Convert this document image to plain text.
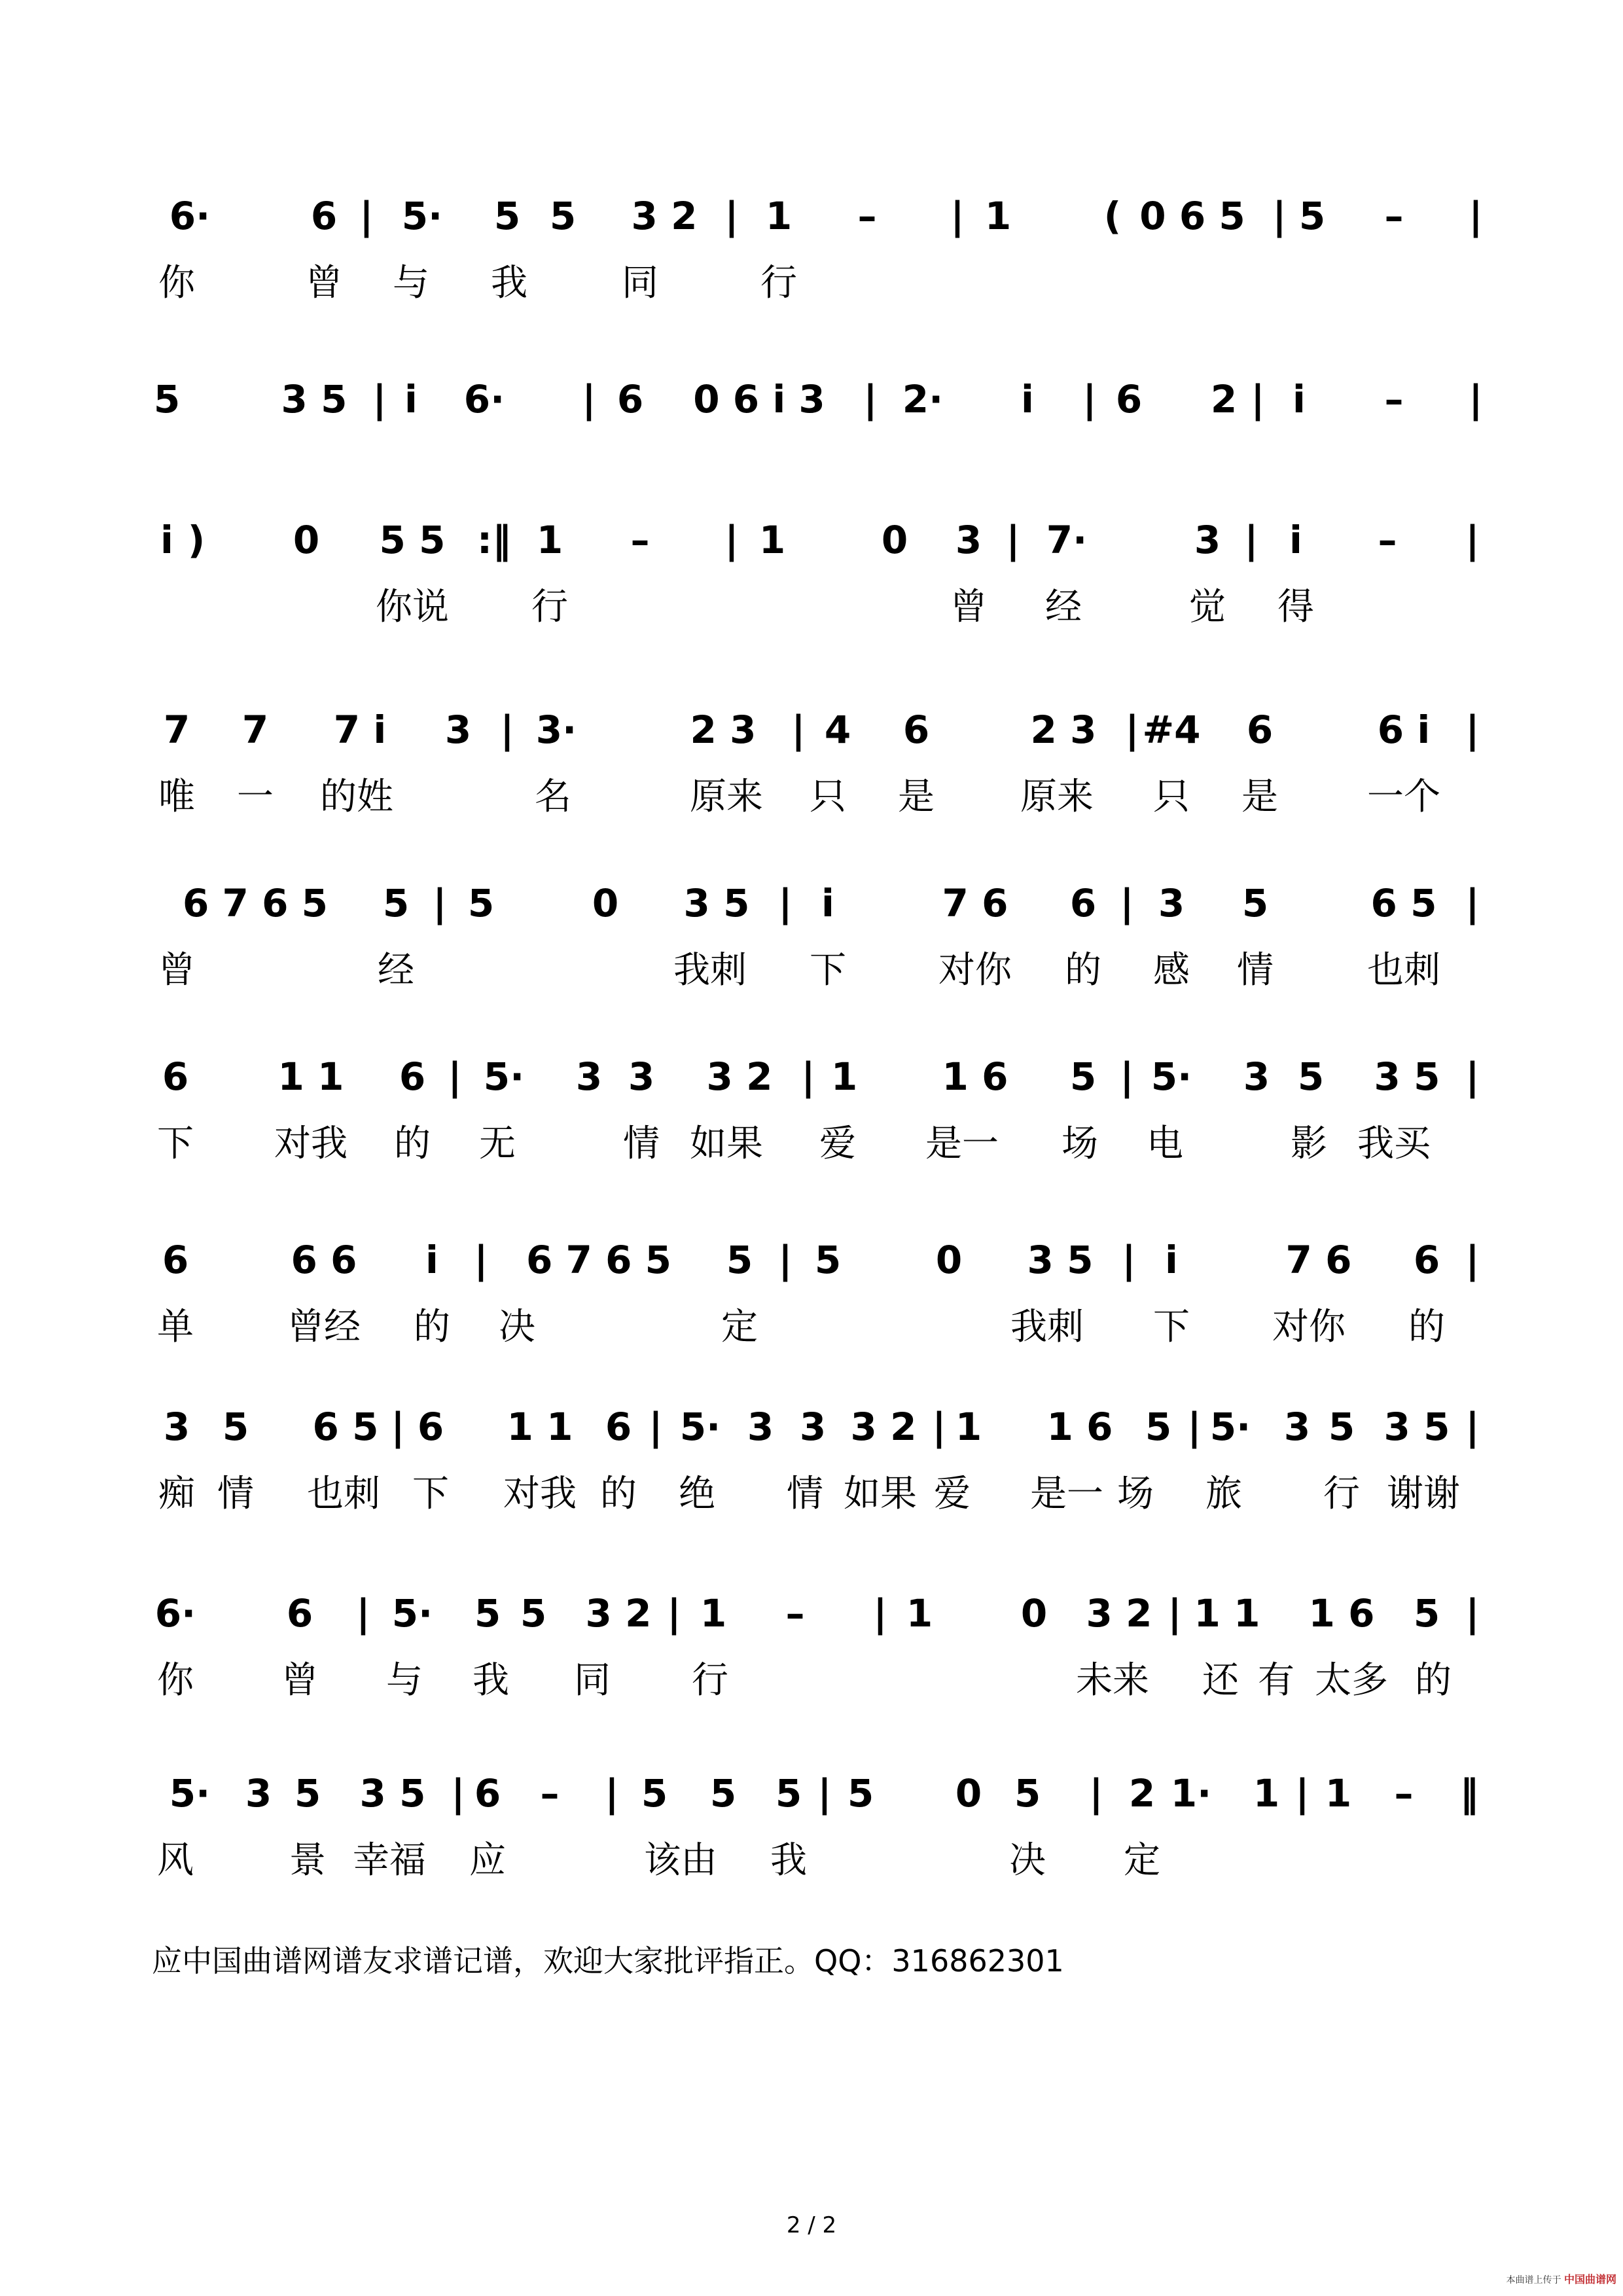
6·	6 | 5· 5 5 3 2 | 1 – | 1 ( 0 6 5 | 5 – |
你	曾 与 我	同	行
5	3 5 | i 6· | 6 0 6 i 3 | 2· i | 6 2 | i – |
i ) 0 5 5 :‖ 1 – | 1	0 3 | 7·	3 | i – |
你说 行	曾 经	觉 得
7 7 7 i 3 | 3·	2 3 | 4 6	2 3 | #4 6	6 i |
唯 一 的姓	名	原来 只 是 原来 只 是 一个
6 7 6 5 5 | 5	0 3 5 | i	7 6 6 | 3 5	6 5 |
曾	经	我刺 下	对你 的 感 情	也刺
6 1 1 6 | 5· 3 3 3 2 | 1 1 6 5 | 5· 3 5 3 5 |
下 对我 的 无	情 如果 爱 是一 场 电	影 我买
6	6 6 i | 6 7 6 5 5 | 5 0 3 5 | i	7 6 6 |
单	曾经 的 决	定	我刺 下 对你 的
3 5 6 5 | 6 1 1 6 | 5· 3 3 3 2 | 1 1 6 5 | 5· 3 5 3 5 |
痴 情 也刺 下 对我 的 绝 情 如果 爱 是一 场 旅 行 谢谢
6· 6 | 5· 5 5 3 2 | 1 – | 1 0 3 2 | 1 1 1 6 5 |
你 曾 与 我 同 行	未来 还 有 太多 的
5· 3 5 3 5 | 6 – | 5 5 5 | 5 0 5 | 2 1· 1 | 1 – ‖
风	景 幸福 应	该由 我	决 定
应中国曲谱网谱友求谱记谱，欢迎大家批评指正。QQ：316862301
2 / 2
本曲谱上传于 中国曲谱网
